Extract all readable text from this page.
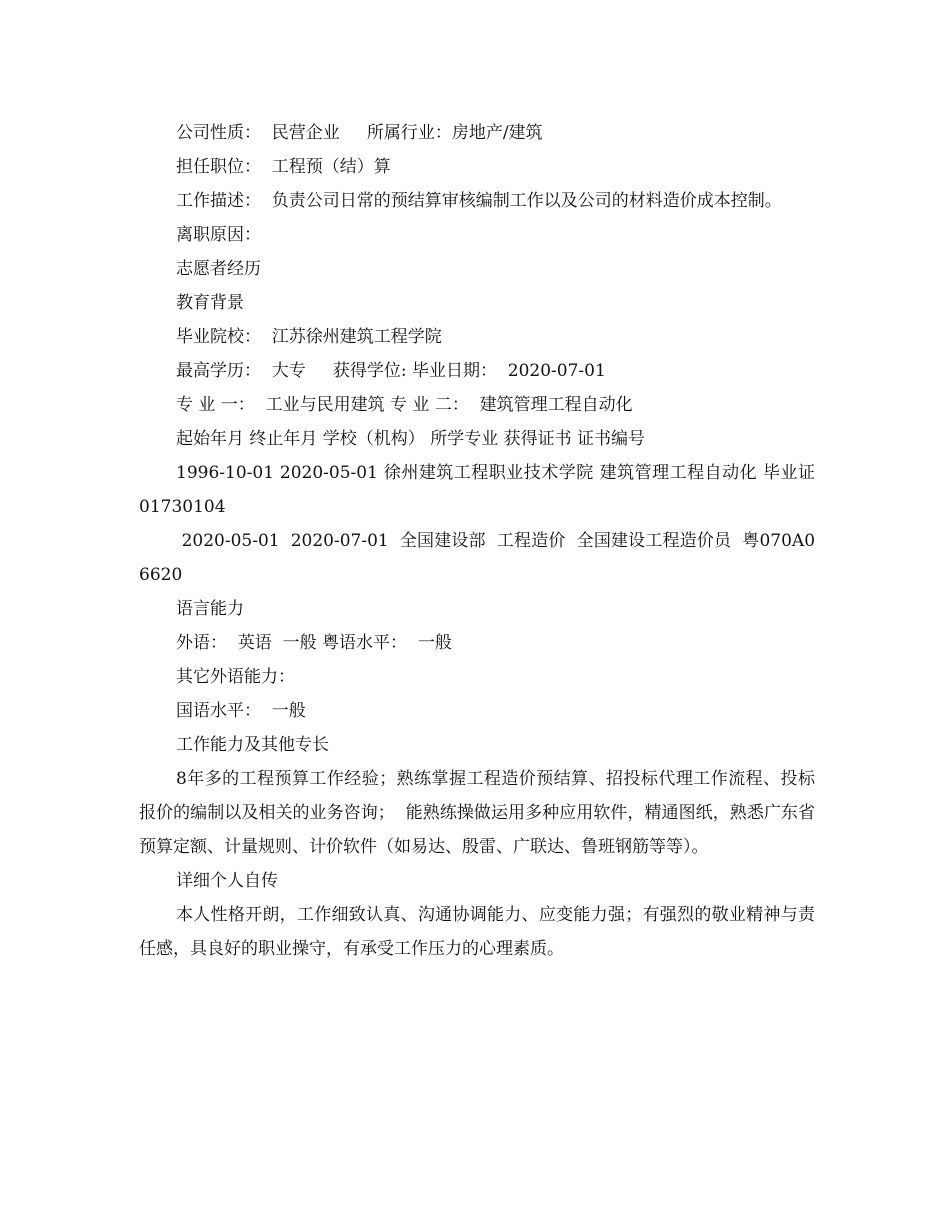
公司性质：  民营企业     所属行业：房地产/建筑

担任职位：  工程预（结）算

工作描述：  负责公司日常的预结算审核编制工作以及公司的材料造价成本控制。

离职原因：

志愿者经历

教育背景

毕业院校：  江苏徐州建筑工程学院

最高学历：  大专     获得学位: 毕业日期：  2020-07-01

专 业 一：  工业与民用建筑 专 业 二：  建筑管理工程自动化

起始年月 终止年月 学校（机构） 所学专业 获得证书 证书编号

1996-10-01 2020-05-01 徐州建筑工程职业技术学院 建筑管理工程自动化 毕业证 01730104

2020-05-01  2020-07-01  全国建设部  工程造价  全国建设工程造价员  粤070A06620

语言能力

外语：  英语  一般 粤语水平：  一般

其它外语能力：

国语水平：  一般

工作能力及其他专长

8年多的工程预算工作经验；熟练掌握工程造价预结算、招投标代理工作流程、投标报价的编制以及相关的业务咨询；  能熟练操做运用多种应用软件，精通图纸，熟悉广东省预算定额、计量规则、计价软件（如易达、殷雷、广联达、鲁班钢筋等等）。

详细个人自传

本人性格开朗，工作细致认真、沟通协调能力、应变能力强；有强烈的敬业精神与责任感，具良好的职业操守，有承受工作压力的心理素质。
